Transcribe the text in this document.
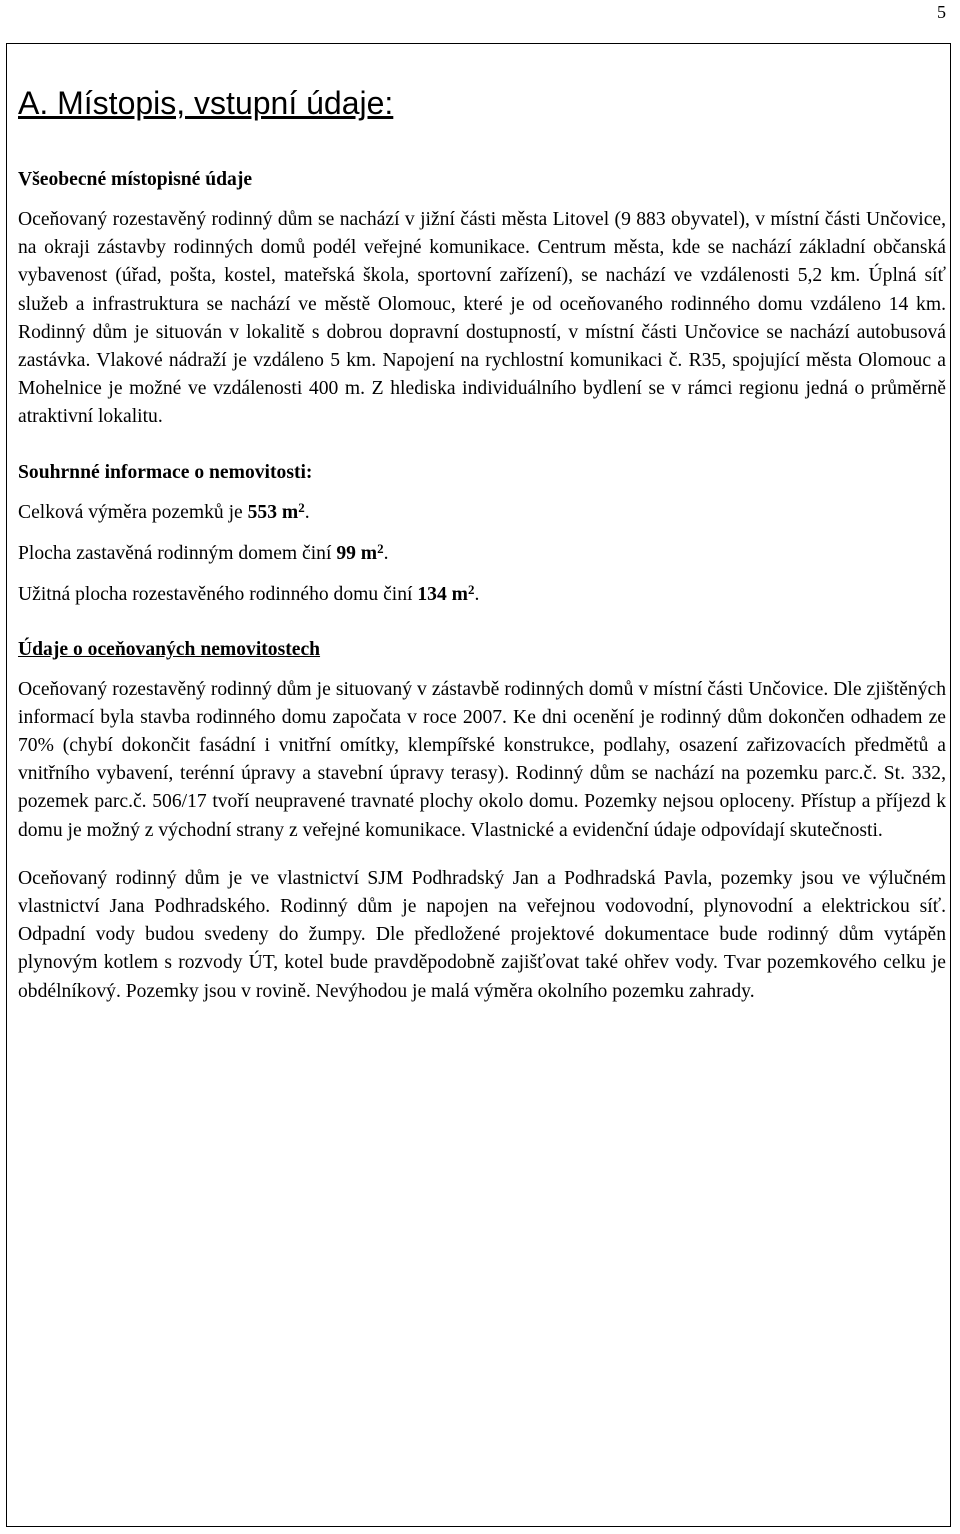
5
A. Místopis, vstupní údaje:
Všeobecné místopisné údaje

Oceňovaný rozestavěný rodinný dům se nachází v jižní části města Litovel (9 883 obyvatel), v místní části Unčovice, na okraji zástavby rodinných domů podél veřejné komunikace. Centrum města, kde se nachází základní občanská vybavenost (úřad, pošta, kostel, mateřská škola, sportovní zařízení), se nachází ve vzdálenosti 5,2 km. Úplná síť služeb a infrastruktura se nachází ve městě Olomouc, které je od oceňovaného rodinného domu vzdáleno 14 km. Rodinný dům je situován v lokalitě s dobrou dopravní dostupností, v místní části Unčovice se nachází autobusová zastávka. Vlakové nádraží je vzdáleno 5 km. Napojení na rychlostní komunikaci č. R35, spojující města Olomouc a Mohelnice je možné ve vzdálenosti 400 m. Z hlediska individuálního bydlení se v rámci regionu jedná o průměrně atraktivní lokalitu.

Souhrnné informace o nemovitosti:

Celková výměra pozemků je 553 $m^2$.

Plocha zastavěná rodinným domem činí 99 $m^2$.

Užitná plocha rozestavěného rodinného domu činí 134 $m^2$.

Údaje o oceňovaných nemovitostech

Oceňovaný rozestavěný rodinný dům je situovaný v zástavbě rodinných domů v místní části Unčovice. Dle zjištěných informací byla stavba rodinného domu započata v roce 2007. Ke dni ocenění je rodinný dům dokončen odhadem ze 70% (chybí dokončit fasádní i vnitřní omítky, klempířské konstrukce, podlahy, osazení zařizovacích předmětů a vnitřního vybavení, terénní úpravy a stavební úpravy terasy). Rodinný dům se nachází na pozemku parc.č. St. 332, pozemek parc.č. 506/17 tvoří neupravené travnaté plochy okolo domu. Pozemky nejsou oploceny. Přístup a příjezd k domu je možný z východní strany z veřejné komunikace. Vlastnické a evidenční údaje odpovídají skutečnosti.

Oceňovaný rodinný dům je ve vlastnictví SJM Podhradský Jan a Podhradská Pavla, pozemky jsou ve výlučném vlastnictví Jana Podhradského. Rodinný dům je napojen na veřejnou vodovodní, plynovodní a elektrickou síť. Odpadní vody budou svedeny do žumpy. Dle předložené projektové dokumentace bude rodinný dům vytápěn plynovým kotlem s rozvody ÚT, kotel bude pravděpodobně zajišťovat také ohřev vody. Tvar pozemkového celku je obdélníkový. Pozemky jsou v rovině. Nevýhodou je malá výměra okolního pozemku zahrady.
